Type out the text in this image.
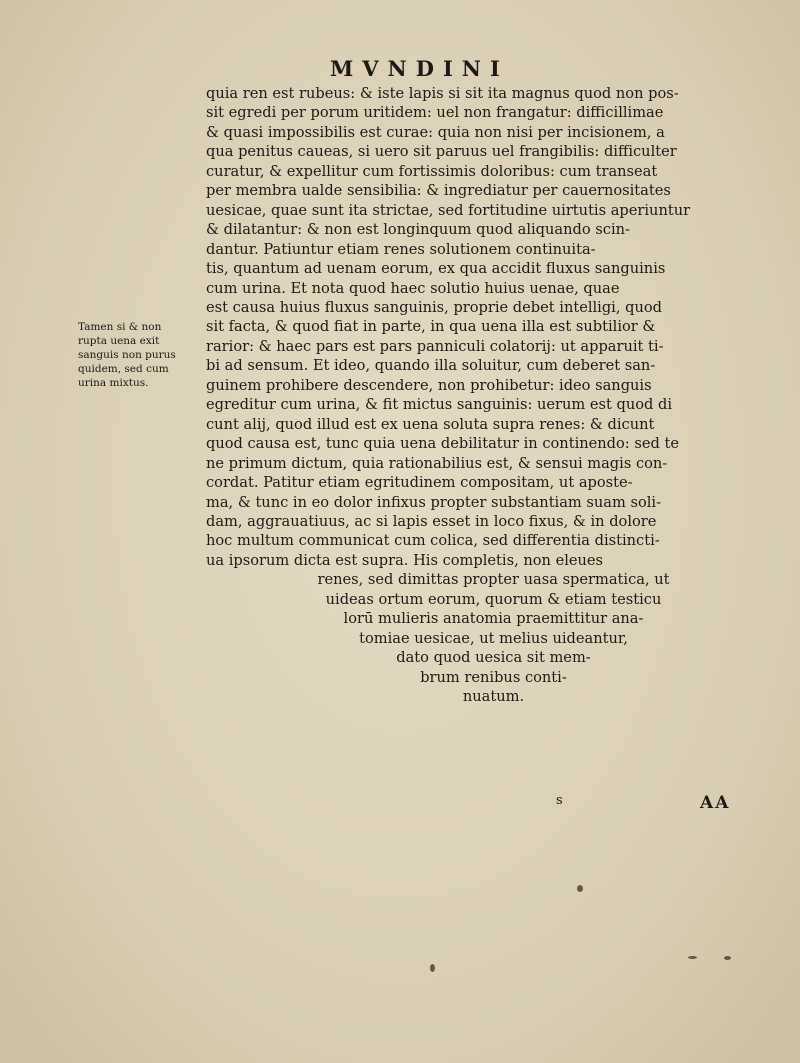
MVNDINI
Tamen si & non
rupta uena exit
sanguis non purus
quidem, sed cum
urina mixtus.
quia ren est rubeus: & iste lapis si sit ita magnus quod non pos-
sit egredi per porum uritidem: uel non frangatur: difficillimae
& quasi impossibilis est curae: quia non nisi per incisionem, a
qua penitus caueas, si uero sit paruus uel frangibilis: difficulter
curatur, & expellitur cum fortissimis doloribus: cum transeat
per membra ualde sensibilia: & ingrediatur per cauernositates
uesicae, quae sunt ita strictae, sed fortitudine uirtutis aperiuntur
& dilatantur: & non est longinquum quod aliquando scin-
dantur. Patiuntur etiam renes solutionem continuita-
tis, quantum ad uenam eorum, ex qua accidit fluxus sanguinis
cum urina. Et nota quod haec solutio huius uenae, quae
est causa huius fluxus sanguinis, proprie debet intelligi, quod
sit facta, & quod fiat in parte, in qua uena illa est subtilior &
rarior: & haec pars est pars panniculi colatorij: ut apparuit ti-
bi ad sensum. Et ideo, quando illa soluitur, cum deberet san-
guinem prohibere descendere, non prohibetur: ideo sanguis
egreditur cum urina, & fit mictus sanguinis: uerum est quod di
cunt alij, quod illud est ex uena soluta supra renes: & dicunt
quod causa est, tunc quia uena debilitatur in continendo: sed te
ne primum dictum, quia rationabilius est, & sensui magis con-
cordat. Patitur etiam egritudinem compositam, ut aposte-
ma, & tunc in eo dolor infixus propter substantiam suam soli-
dam, aggrauatiuus, ac si lapis esset in loco fixus, & in dolore
hoc multum communicat cum colica, sed differentia distincti-
ua ipsorum dicta est supra. His completis, non eleues
renes, sed dimittas propter uasa spermatica, ut
uideas ortum eorum, quorum & etiam testicu
lorū mulieris anatomia praemittitur ana-
tomiae uesicae, ut melius uideantur,
dato quod uesica sit mem-
brum renibus conti-
nuatum.
s	AA
